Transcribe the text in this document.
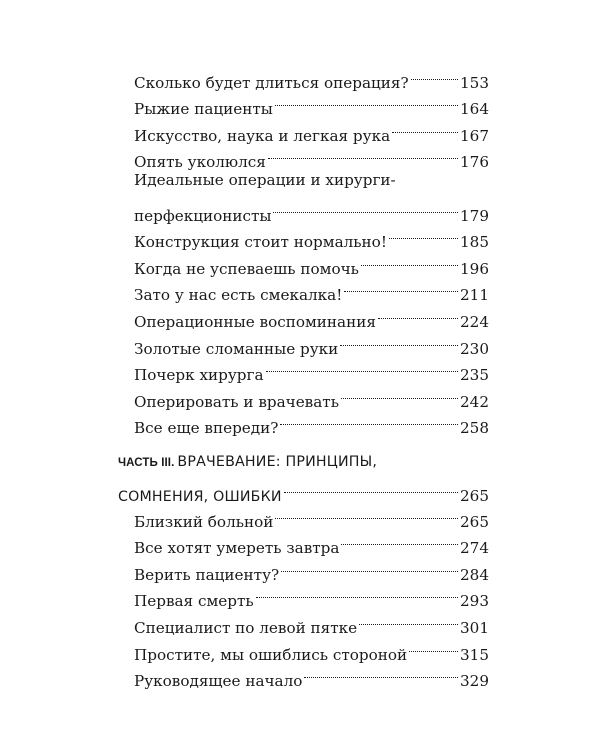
Сколько будет длиться операция?	153
Рыжие пациенты	164
Искусство, наука и легкая рука	167
Опять уколюлся	176
Идеальные операции и хирурги-
перфекционисты	179
Конструкция стоит нормально!	185
Когда не успеваешь помочь	196
Зато у нас есть смекалка!	211
Операционные воспоминания	224
Золотые сломанные руки	230
Почерк хирурга	235
Оперировать и врачевать	242
Все еще впереди?	258
ЧАСТЬ III. ВРАЧЕВАНИЕ: ПРИНЦИПЫ,
СОМНЕНИЯ, ОШИБКИ	265
Близкий больной	265
Все хотят умереть завтра	274
Верить пациенту?	284
Первая смерть	293
Специалист по левой пятке	301
Простите, мы ошиблись стороной	315
Руководящее начало	329
